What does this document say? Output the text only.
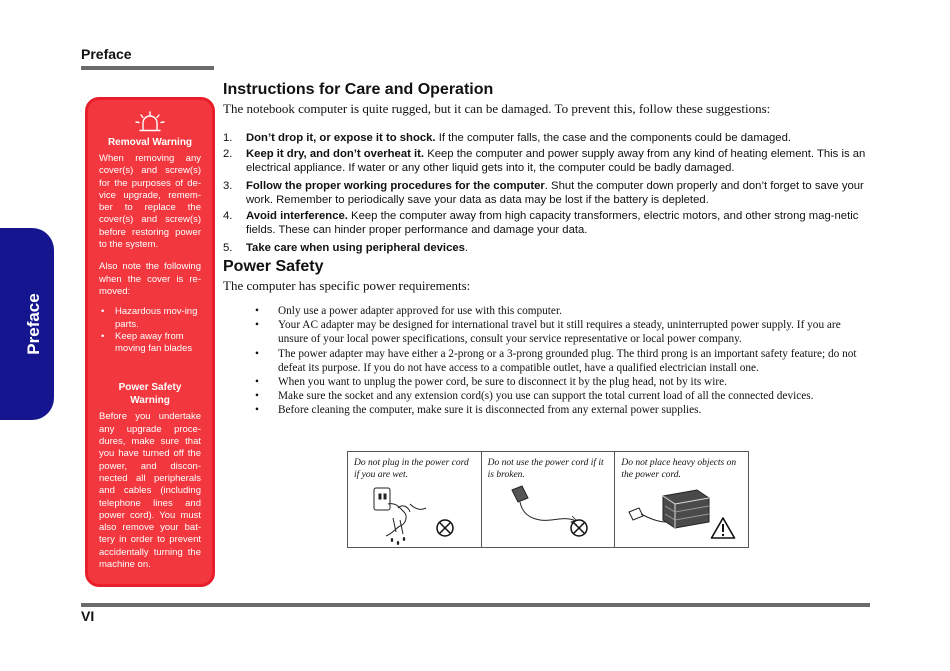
Preface
Preface
Removal Warning

When removing any cover(s) and screw(s) for the purposes of de-vice upgrade, remem-ber to replace the cover(s) and screw(s) before restoring power to the system.

Also note the following when the cover is re-moved:

• Hazardous mov-ing parts.
• Keep away from moving fan blades
Power Safety Warning

Before you undertake any upgrade proce-dures, make sure that you have turned off the power, and discon-nected all peripherals and cables (including telephone lines and power cord). You must also remove your bat-tery in order to prevent accidentally turning the machine on.

Instructions for Care and Operation

The notebook computer is quite rugged, but it can be damaged. To prevent this, follow these suggestions:

1. Don’t drop it, or expose it to shock. If the computer falls, the case and the components could be damaged.
2. Keep it dry, and don’t overheat it. Keep the computer and power supply away from any kind of heating element. This is an electrical appliance. If water or any other liquid gets into it, the computer could be badly damaged.
3. Follow the proper working procedures for the computer. Shut the computer down properly and don’t forget to save your work. Remember to periodically save your data as data may be lost if the battery is depleted.
4. Avoid interference. Keep the computer away from high capacity transformers, electric motors, and other strong mag-netic fields. These can hinder proper performance and damage your data.
5. Take care when using peripheral devices.
Power Safety

The computer has specific power requirements:

• Only use a power adapter approved for use with this computer.
• Your AC adapter may be designed for international travel but it still requires a steady, uninterrupted power supply. If you are unsure of your local power specifications, consult your service representative or local power company.
• The power adapter may have either a 2-prong or a 3-prong grounded plug. The third prong is an important safety feature; do not defeat its purpose. If you do not have access to a compatible outlet, have a qualified electrician install one.
• When you want to unplug the power cord, be sure to disconnect it by the plug head, not by its wire.
• Make sure the socket and any extension cord(s) you use can support the total current load of all the connected devices.
• Before cleaning the computer, make sure it is disconnected from any external power supplies.
Do not plug in the power cord if you are wet.
Do not use the power cord if it is broken.
Do not place heavy objects on the power cord.
VI
